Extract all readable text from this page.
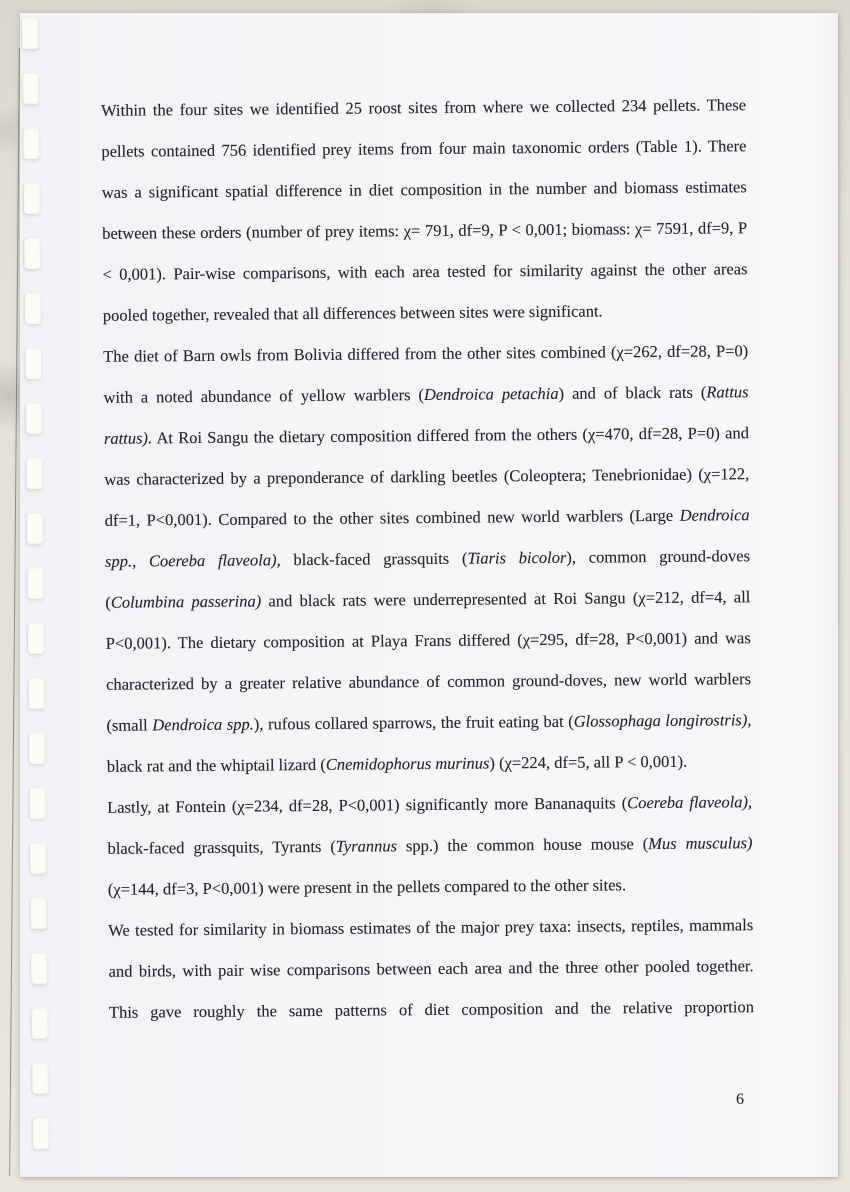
Within the four sites we identified 25 roost sites from where we collected 234 pellets. These pellets contained 756 identified prey items from four main taxonomic orders (Table 1). There was a significant spatial difference in diet composition in the number and biomass estimates between these orders (number of prey items: χ= 791, df=9, P < 0,001; biomass: χ= 7591, df=9, P < 0,001). Pair-wise comparisons, with each area tested for similarity against the other areas pooled together, revealed that all differences between sites were significant.

The diet of Barn owls from Bolivia differed from the other sites combined (χ=262, df=28, P=0) with a noted abundance of yellow warblers (Dendroica petachia) and of black rats (Rattus rattus). At Roi Sangu the dietary composition differed from the others (χ=470, df=28, P=0) and was characterized by a preponderance of darkling beetles (Coleoptera; Tenebrionidae) (χ=122, df=1, P<0,001). Compared to the other sites combined new world warblers (Large Dendroica spp., Coereba flaveola), black-faced grassquits (Tiaris bicolor), common ground-doves (Columbina passerina) and black rats were underrepresented at Roi Sangu (χ=212, df=4, all P<0,001). The dietary composition at Playa Frans differed (χ=295, df=28, P<0,001) and was characterized by a greater relative abundance of common ground-doves, new world warblers (small Dendroica spp.), rufous collared sparrows, the fruit eating bat (Glossophaga longirostris), black rat and the whiptail lizard (Cnemidophorus murinus) (χ=224, df=5, all P < 0,001).

Lastly, at Fontein (χ=234, df=28, P<0,001) significantly more Bananaquits (Coereba flaveola), black-faced grassquits, Tyrants (Tyrannus spp.) the common house mouse (Mus musculus) (χ=144, df=3, P<0,001) were present in the pellets compared to the other sites.

We tested for similarity in biomass estimates of the major prey taxa: insects, reptiles, mammals and birds, with pair wise comparisons between each area and the three other pooled together. This gave roughly the same patterns of diet composition and the relative proportion

6
